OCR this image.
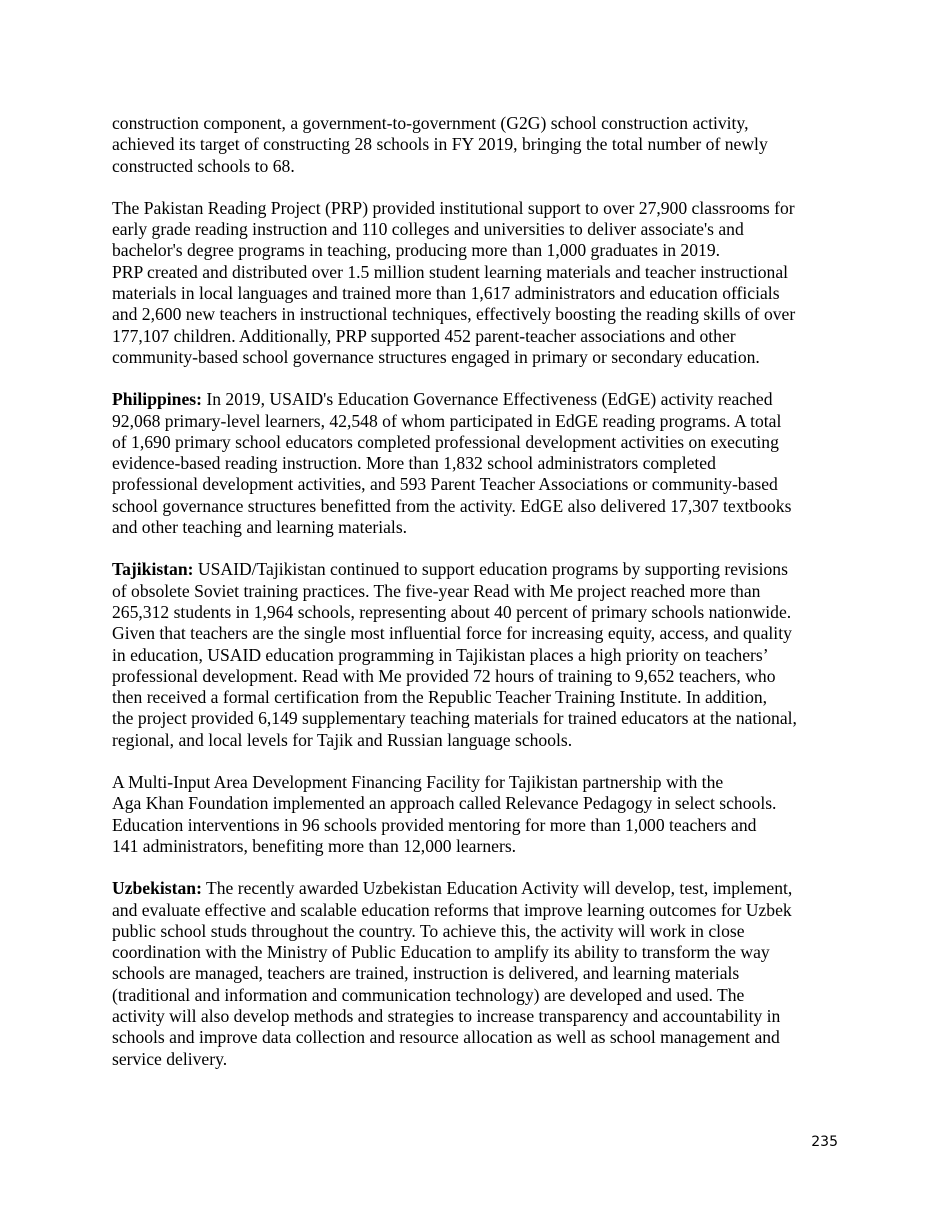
construction component, a government-to-government (G2G) school construction activity,
achieved its target of constructing 28 schools in FY 2019, bringing the total number of newly
constructed schools to 68.

The Pakistan Reading Project (PRP) provided institutional support to over 27,900 classrooms for
early grade reading instruction and 110 colleges and universities to deliver associate's and
bachelor's degree programs in teaching, producing more than 1,000 graduates in 2019.
PRP created and distributed over 1.5 million student learning materials and teacher instructional
materials in local languages and trained more than 1,617 administrators and education officials
and 2,600 new teachers in instructional techniques, effectively boosting the reading skills of over
177,107 children. Additionally, PRP supported 452 parent-teacher associations and other
community-based school governance structures engaged in primary or secondary education.

Philippines: In 2019, USAID's Education Governance Effectiveness (EdGE) activity reached
92,068 primary-level learners, 42,548 of whom participated in EdGE reading programs. A total
of 1,690 primary school educators completed professional development activities on executing
evidence-based reading instruction. More than 1,832 school administrators completed
professional development activities, and 593 Parent Teacher Associations or community-based
school governance structures benefitted from the activity. EdGE also delivered 17,307 textbooks
and other teaching and learning materials.

Tajikistan: USAID/Tajikistan continued to support education programs by supporting revisions
of obsolete Soviet training practices. The five-year Read with Me project reached more than
265,312 students in 1,964 schools, representing about 40 percent of primary schools nationwide.
Given that teachers are the single most influential force for increasing equity, access, and quality
in education, USAID education programming in Tajikistan places a high priority on teachers’
professional development. Read with Me provided 72 hours of training to 9,652 teachers, who
then received a formal certification from the Republic Teacher Training Institute. In addition,
the project provided 6,149 supplementary teaching materials for trained educators at the national,
regional, and local levels for Tajik and Russian language schools.

A Multi-Input Area Development Financing Facility for Tajikistan partnership with the
Aga Khan Foundation implemented an approach called Relevance Pedagogy in select schools.
Education interventions in 96 schools provided mentoring for more than 1,000 teachers and
141 administrators, benefiting more than 12,000 learners.

Uzbekistan: The recently awarded Uzbekistan Education Activity will develop, test, implement,
and evaluate effective and scalable education reforms that improve learning outcomes for Uzbek
public school studs throughout the country. To achieve this, the activity will work in close
coordination with the Ministry of Public Education to amplify its ability to transform the way
schools are managed, teachers are trained, instruction is delivered, and learning materials
(traditional and information and communication technology) are developed and used. The
activity will also develop methods and strategies to increase transparency and accountability in
schools and improve data collection and resource allocation as well as school management and
service delivery.

235
